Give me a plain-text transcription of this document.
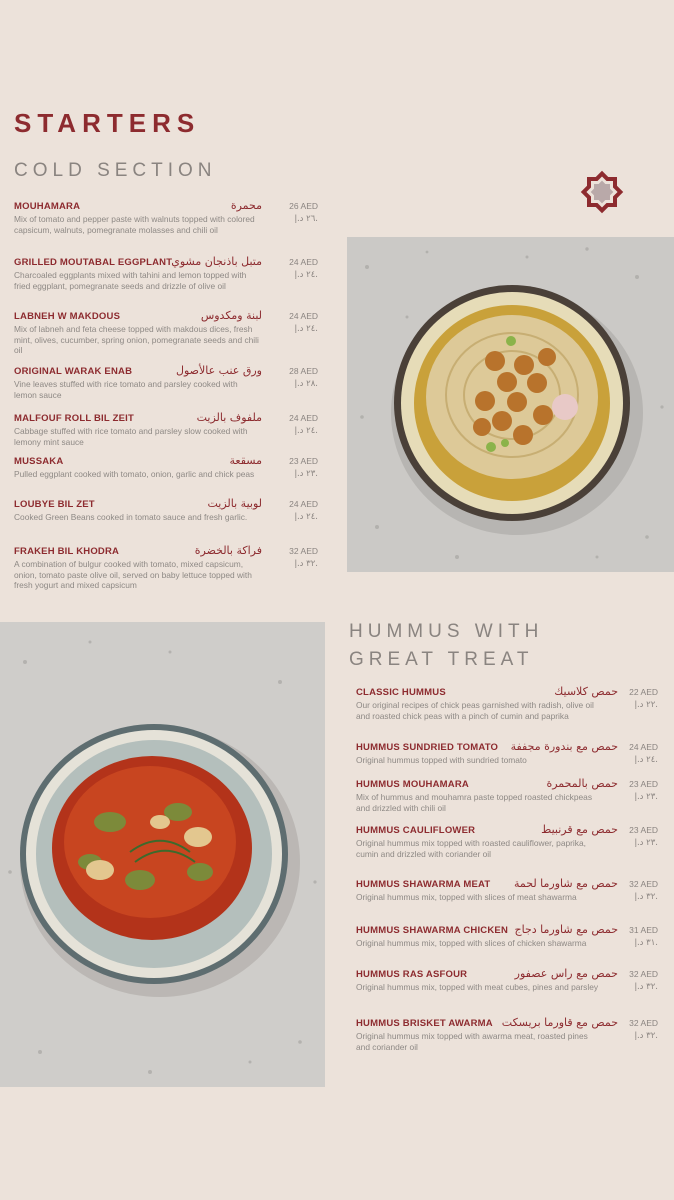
STARTERS
COLD SECTION
MOUHAMARA	محمرة
Mix of tomato and pepper paste with walnuts topped with colored capsicum, walnuts, pomegranate molasses and chili oil
26 AED
٢٦ د.إ.
GRILLED MOUTABAL EGGPLANT متبل باذنجان مشوي
Charcoaled eggplants mixed with tahini and lemon topped with fried eggplant, pomegranate seeds and drizzle of olive oil
24 AED
٢٤ د.إ.
LABNEH W MAKDOUS	لبنة ومكدوس
Mix of labneh and feta cheese topped with makdous dices, fresh mint, olives, cucumber, spring onion, pomegranate seeds and chili oil
24 AED
٢٤ د.إ.
ORIGINAL WARAK ENAB	ورق عنب عالأصول
Vine leaves stuffed with rice tomato and parsley cooked with lemon sauce
28 AED
٢٨ د.إ.
MALFOUF ROLL BIL ZEIT	ملفوف بالزيت
Cabbage stuffed with rice tomato and parsley slow cooked with lemony mint sauce
24 AED
٢٤ د.إ.
MUSSAKA	مسقعة
Pulled eggplant cooked with tomato, onion, garlic and chick peas
23 AED
٢٣ د.إ.
LOUBYE BIL ZET	لوبية بالزيت
Cooked Green Beans cooked in tomato sauce and fresh garlic.
24 AED
٢٤ د.إ.
FRAKEH BIL KHODRA	فراكة بالخضرة
A combination of bulgur cooked with tomato, mixed capsicum, onion, tomato paste olive oil, served on baby lettuce topped with fresh yogurt and mixed capsicum
32 AED
٣٢ د.إ.
HUMMUS WITH
GREAT TREAT
CLASSIC HUMMUS	حمص كلاسيك
Our original recipes of chick peas garnished with radish, olive oil and roasted chick peas with a pinch of cumin and paprika
22 AED
٢٢ د.إ.
HUMMUS SUNDRIED TOMATO حمص مع بندورة مجففة
Original hummus topped with sundried tomato
24 AED
٢٤ د.إ.
HUMMUS MOUHAMARA	حمص بالمحمرة
Mix of hummus and mouhamra paste topped roasted chickpeas and drizzled with chili oil
23 AED
٢٣ د.إ.
HUMMUS CAULIFLOWER	حمص مع قرنبيط
Original hummus mix topped with roasted cauliflower, paprika, cumin and drizzled with coriander oil
23 AED
٢٣ د.إ.
HUMMUS SHAWARMA MEAT حمص مع شاورما لحمة
Original hummus mix, topped with slices of meat shawarma
32 AED
٣٢ د.إ.
HUMMUS SHAWARMA CHICKEN حمص مع شاورما دجاج
Original hummus mix, topped with slices of chicken shawarma
31 AED
٣١ د.إ.
HUMMUS RAS ASFOUR	حمص مع راس عصفور
Original hummus mix, topped with meat cubes, pines and parsley
32 AED
٣٢ د.إ.
HUMMUS BRISKET AWARMA حمص مع قاورما بريسكت
Original hummus mix topped with awarma meat, roasted pines and coriander oil
32 AED
٣٢ د.إ.
